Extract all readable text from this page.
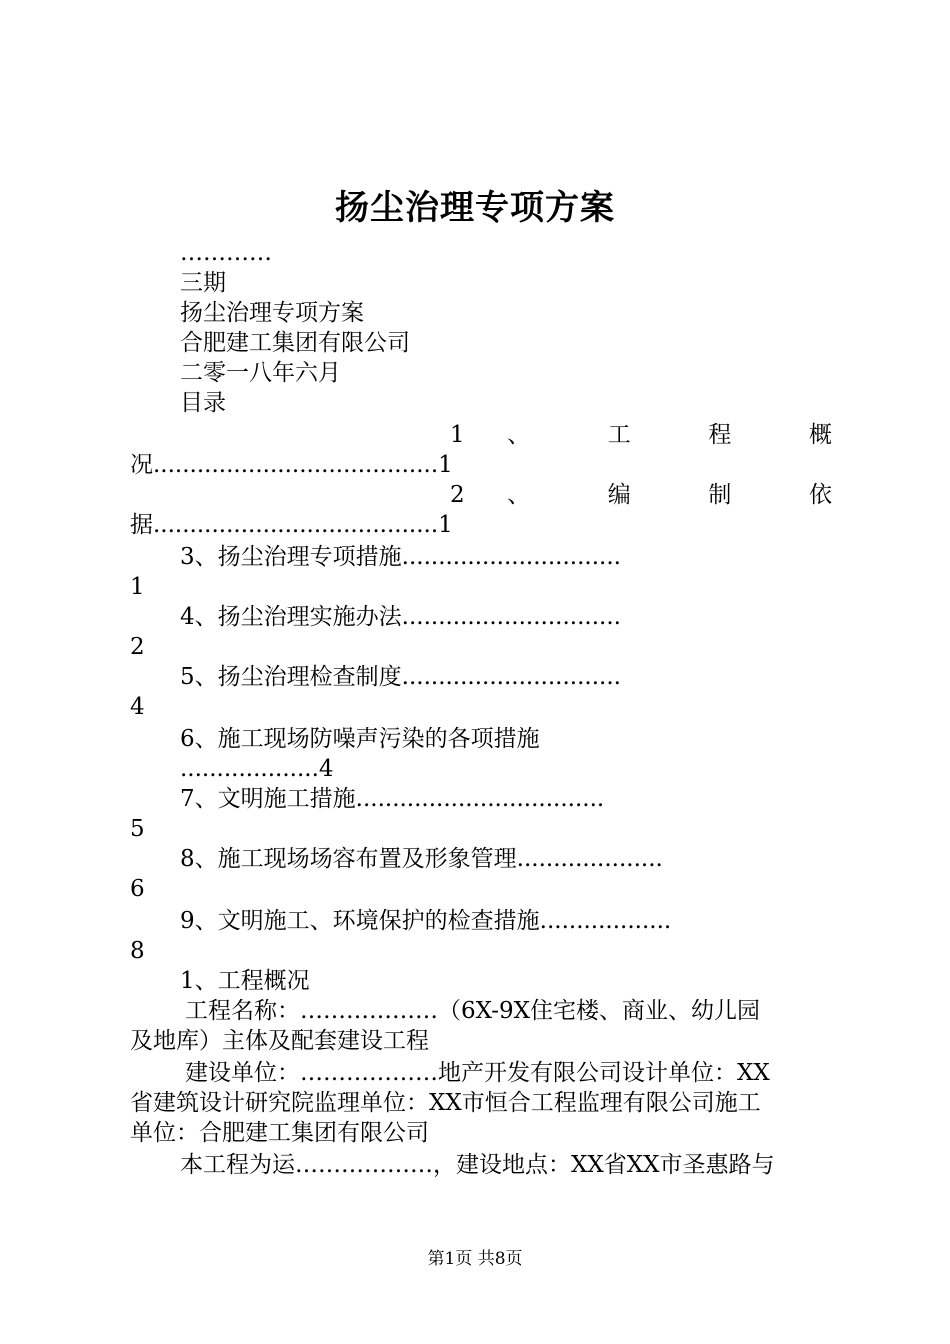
扬尘治理专项方案
…………
三期
扬尘治理专项方案
合肥建工集团有限公司
二零一八年六月
目录
1 、 工 程 概
况.......................................1
2 、 编 制 依
据.......................................1
3、扬尘治理专项措施..............................
1
4、扬尘治理实施办法..............................
2
5、扬尘治理检查制度..............................
4
6、施工现场防噪声污染的各项措施
...................4
7、文明施工措施..................................
5
8、施工现场场容布置及形象管理....................
6
9、文明施工、环境保护的检查措施..................
8
1、工程概况
工程名称：………………（6X-9X住宅楼、商业、幼儿园
及地库）主体及配套建设工程
建设单位：………………地产开发有限公司设计单位：XX
省建筑设计研究院监理单位：XX市恒合工程监理有限公司施工
单位：合肥建工集团有限公司
本工程为运………………，建设地点：XX省XX市圣惠路与
第1页 共8页
